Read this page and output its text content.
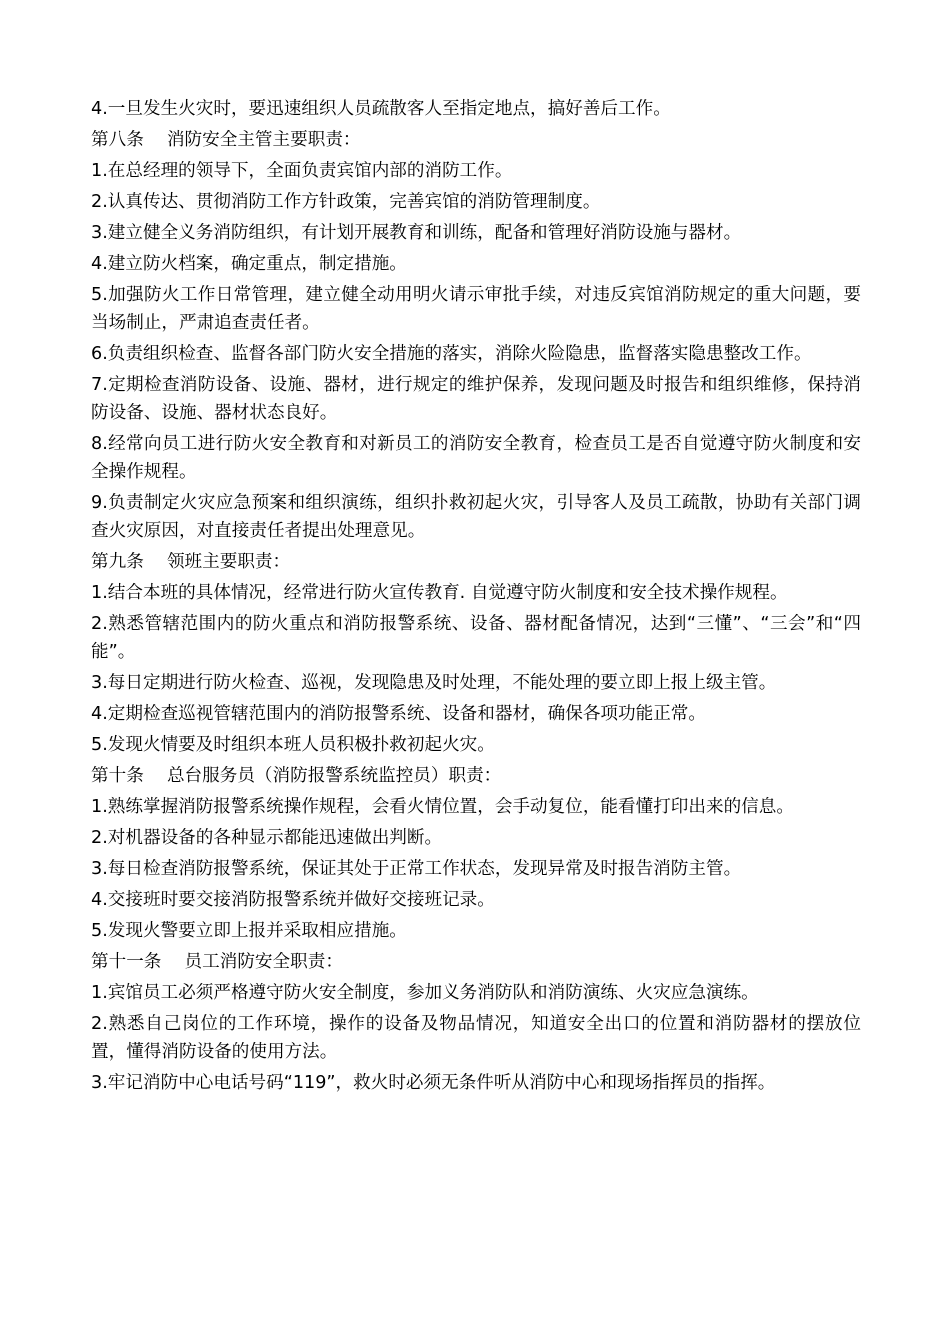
4.一旦发生火灾时，要迅速组织人员疏散客人至指定地点，搞好善后工作。

第八条　 消防安全主管主要职责：

1.在总经理的领导下，全面负责宾馆内部的消防工作。

2.认真传达、贯彻消防工作方针政策，完善宾馆的消防管理制度。

3.建立健全义务消防组织，有计划开展教育和训练，配备和管理好消防设施与器材。

4.建立防火档案，确定重点，制定措施。

5.加强防火工作日常管理，建立健全动用明火请示审批手续，对违反宾馆消防规定的重大问题，要当场制止，严肃追查责任者。

6.负责组织检查、监督各部门防火安全措施的落实，消除火险隐患，监督落实隐患整改工作。

7.定期检查消防设备、设施、器材，进行规定的维护保养，发现问题及时报告和组织维修，保持消防设备、设施、器材状态良好。

8.经常向员工进行防火安全教育和对新员工的消防安全教育，检查员工是否自觉遵守防火制度和安全操作规程。

9.负责制定火灾应急预案和组织演练，组织扑救初起火灾，引导客人及员工疏散，协助有关部门调查火灾原因，对直接责任者提出处理意见。

第九条　 领班主要职责：

1.结合本班的具体情况，经常进行防火宣传教育. 自觉遵守防火制度和安全技术操作规程。

2.熟悉管辖范围内的防火重点和消防报警系统、设备、器材配备情况，达到“三懂”、“三会”和“四能”。

3.每日定期进行防火检查、巡视，发现隐患及时处理，不能处理的要立即上报上级主管。

4.定期检查巡视管辖范围内的消防报警系统、设备和器材，确保各项功能正常。

5.发现火情要及时组织本班人员积极扑救初起火灾。

第十条　 总台服务员（消防报警系统监控员）职责：

1.熟练掌握消防报警系统操作规程，会看火情位置，会手动复位，能看懂打印出来的信息。

2.对机器设备的各种显示都能迅速做出判断。

3.每日检查消防报警系统，保证其处于正常工作状态，发现异常及时报告消防主管。

4.交接班时要交接消防报警系统并做好交接班记录。

5.发现火警要立即上报并采取相应措施。

第十一条　 员工消防安全职责：

1.宾馆员工必须严格遵守防火安全制度，参加义务消防队和消防演练、火灾应急演练。

2.熟悉自己岗位的工作环境，操作的设备及物品情况，知道安全出口的位置和消防器材的摆放位置，懂得消防设备的使用方法。

3.牢记消防中心电话号码“119”，救火时必须无条件听从消防中心和现场指挥员的指挥。
